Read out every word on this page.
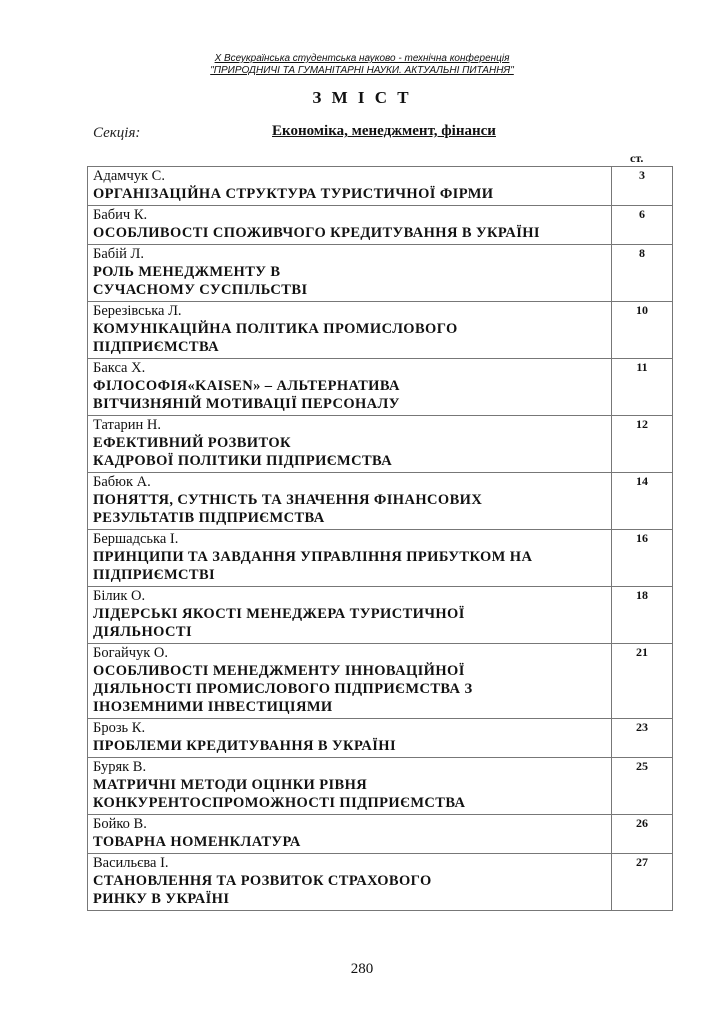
X Всеукраїнська студентська науково - технічна конференція
"ПРИРОДНИЧІ ТА ГУМАНІТАРНІ НАУКИ. АКТУАЛЬНІ ПИТАННЯ"
З М І С Т
Секція:	Економіка, менеджмент, фінанси
ст.
Адамчук С.
ОРГАНІЗАЦІЙНА СТРУКТУРА ТУРИСТИЧНОЇ ФІРМИ	3

Бабич К.
ОСОБЛИВОСТІ СПОЖИВЧОГО КРЕДИТУВАННЯ В УКРАЇНІ	6

Бабій Л.
РОЛЬ МЕНЕДЖМЕНТУ В
СУЧАСНОМУ СУСПІЛЬСТВІ	8

Березівська Л.
КОМУНІКАЦІЙНА ПОЛІТИКА ПРОМИСЛОВОГО
ПІДПРИЄМСТВА	10

Бакса Х.
ФІЛОСОФІЯ«KAISEN» – АЛЬТЕРНАТИВА
ВІТЧИЗНЯНІЙ МОТИВАЦІЇ ПЕРСОНАЛУ	11

Татарин Н.
ЕФЕКТИВНИЙ РОЗВИТОК
КАДРОВОЇ ПОЛІТИКИ ПІДПРИЄМСТВА	12

Бабюк А.
ПОНЯТТЯ, СУТНІСТЬ ТА ЗНАЧЕННЯ ФІНАНСОВИХ
РЕЗУЛЬТАТІВ ПІДПРИЄМСТВА	14

Бершадська І.
ПРИНЦИПИ ТА ЗАВДАННЯ УПРАВЛІННЯ ПРИБУТКОМ НА
ПІДПРИЄМСТВІ	16

Білик О.
ЛІДЕРСЬКІ ЯКОСТІ МЕНЕДЖЕРА ТУРИСТИЧНОЇ
ДІЯЛЬНОСТІ	18

Богайчук О.
ОСОБЛИВОСТІ МЕНЕДЖМЕНТУ ІННОВАЦІЙНОЇ
ДІЯЛЬНОСТІ ПРОМИСЛОВОГО ПІДПРИЄМСТВА З
ІНОЗЕМНИМИ ІНВЕСТИЦІЯМИ	21

Брозь К.
ПРОБЛЕМИ КРЕДИТУВАННЯ В УКРАЇНІ	23

Буряк В.
МАТРИЧНІ МЕТОДИ ОЦІНКИ РІВНЯ
КОНКУРЕНТОСПРОМОЖНОСТІ ПІДПРИЄМСТВА	25

Бойко В.
ТОВАРНА НОМЕНКЛАТУРА	26

Васильєва І.
СТАНОВЛЕННЯ ТА РОЗВИТОК СТРАХОВОГО
РИНКУ В УКРАЇНІ	27
280
